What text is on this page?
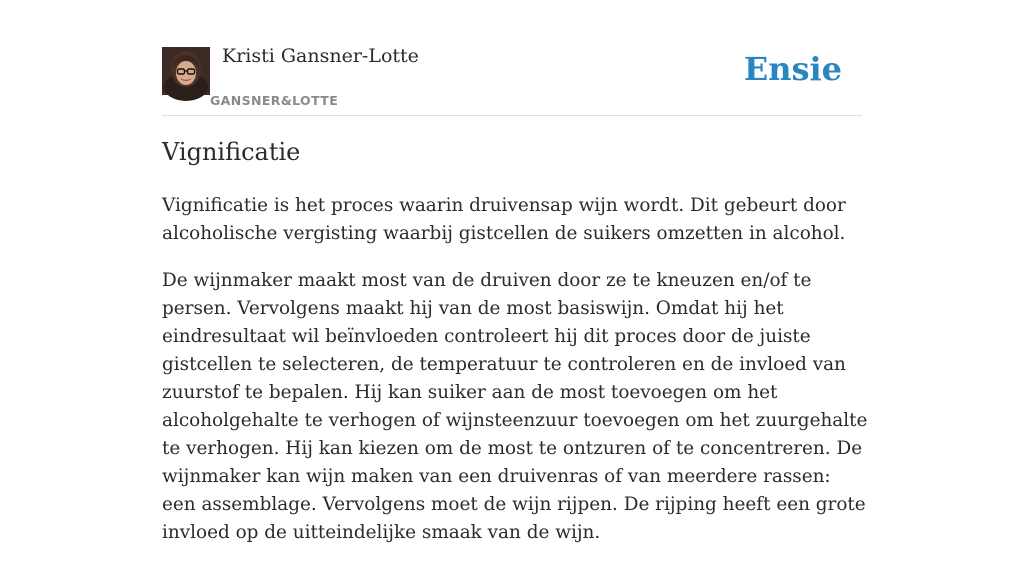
Kristi Gansner-Lotte
GANSNER&LOTTE
Ensie
Vignificatie

Vignificatie is het proces waarin druivensap wijn wordt. Dit gebeurt door alcoholische vergisting waarbij gistcellen de suikers omzetten in alcohol.

De wijnmaker maakt most van de druiven door ze te kneuzen en/of te persen. Vervolgens maakt hij van de most basiswijn. Omdat hij het eindresultaat wil beïnvloeden controleert hij dit proces door de juiste gistcellen te selecteren, de temperatuur te controleren en de invloed van zuurstof te bepalen. Hij kan suiker aan de most toevoegen om het alcoholgehalte te verhogen of wijnsteenzuur toevoegen om het zuurgehalte te verhogen. Hij kan kiezen om de most te ontzuren of te concentreren. De wijnmaker kan wijn maken van een druivenras of van meerdere rassen: een assemblage. Vervolgens moet de wijn rijpen. De rijping heeft een grote invloed op de uitteindelijke smaak van de wijn.
